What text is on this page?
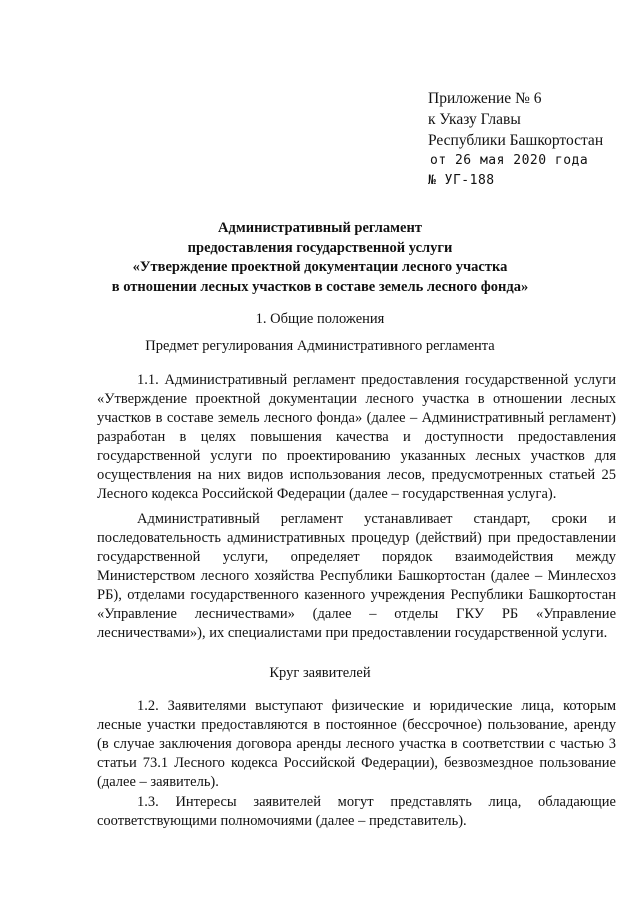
Приложение № 6
к Указу Главы
Республики Башкортостан
от 26 мая 2020 года
№ УГ-188
Административный регламент
предоставления государственной услуги
«Утверждение проектной документации лесного участка
в отношении лесных участков в составе земель лесного фонда»
1. Общие положения
Предмет регулирования Административного регламента
1.1. Административный регламент предоставления государственной услуги «Утверждение проектной документации лесного участка в отношении лесных участков в составе земель лесного фонда» (далее – Административный регламент) разработан в целях повышения качества и доступности предоставления государственной услуги по проектированию указанных лесных участков для осуществления на них видов использования лесов, предусмотренных статьей 25 Лесного кодекса Российской Федерации (далее – государственная услуга).
Административный регламент устанавливает стандарт, сроки и последовательность административных процедур (действий) при предоставлении государственной услуги, определяет порядок взаимодействия между Министерством лесного хозяйства Республики Башкортостан (далее – Минлесхоз РБ), отделами государственного казенного учреждения Республики Башкортостан «Управление лесничествами» (далее – отделы ГКУ РБ «Управление лесничествами»), их специалистами при предоставлении государственной услуги.
Круг заявителей
1.2. Заявителями выступают физические и юридические лица, которым лесные участки предоставляются в постоянное (бессрочное) пользование, аренду (в случае заключения договора аренды лесного участка в соответствии с частью 3 статьи 73.1 Лесного кодекса Российской Федерации), безвозмездное пользование (далее – заявитель).
1.3. Интересы заявителей могут представлять лица, обладающие соответствующими полномочиями (далее – представитель).
